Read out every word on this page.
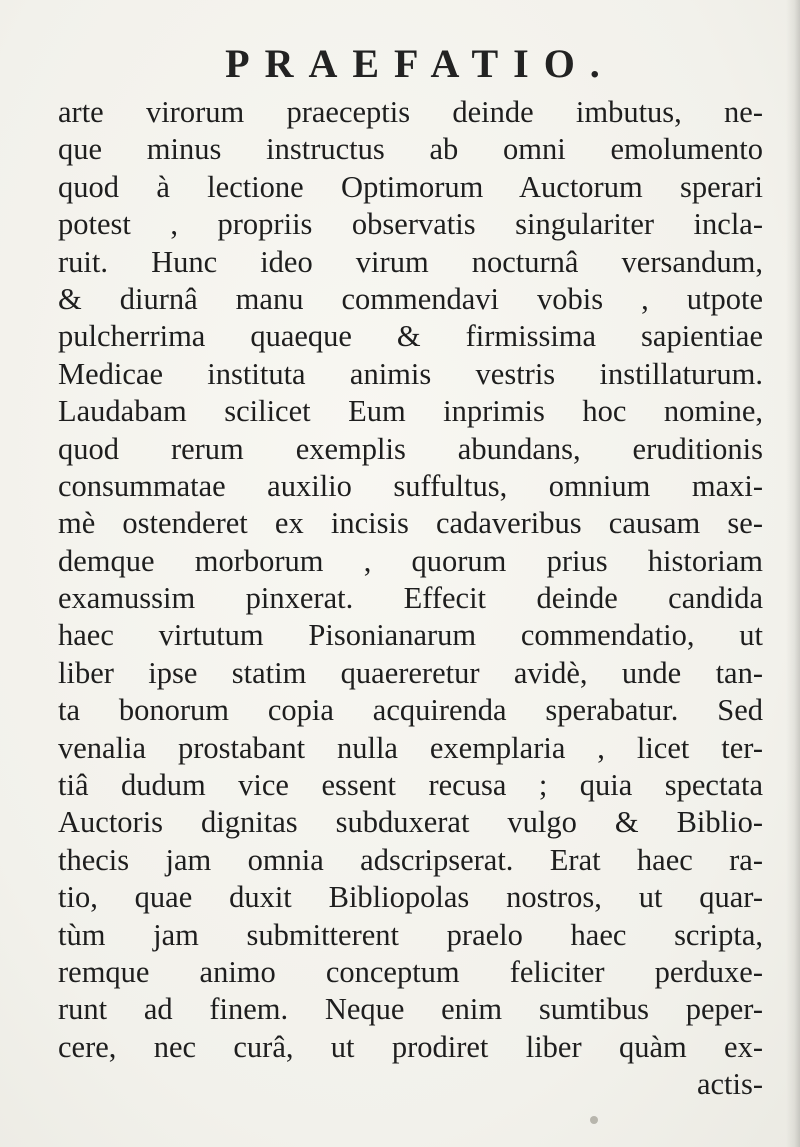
PRAEFATIO.
arte virorum praeceptis deinde imbutus, ne-
que minus instructus ab omni emolumento
quod à lectione Optimorum Auctorum sperari
potest , propriis observatis singulariter incla-
ruit. Hunc ideo virum nocturnâ versandum,
& diurnâ manu commendavi vobis , utpote
pulcherrima quaeque & firmissima sapientiae
Medicae instituta animis vestris instillaturum.
Laudabam scilicet Eum inprimis hoc nomine,
quod rerum exemplis abundans, eruditionis
consummatae auxilio suffultus, omnium maxi-
mè ostenderet ex incisis cadaveribus causam se-
demque morborum , quorum prius historiam
examussim pinxerat. Effecit deinde candida
haec virtutum Pisonianarum commendatio, ut
liber ipse statim quaereretur avidè, unde tan-
ta bonorum copia acquirenda sperabatur. Sed
venalia prostabant nulla exemplaria , licet ter-
tiâ dudum vice essent recusa ; quia spectata
Auctoris dignitas subduxerat vulgo & Biblio-
thecis jam omnia adscripserat. Erat haec ra-
tio, quae duxit Bibliopolas nostros, ut quar-
tùm jam submitterent praelo haec scripta,
remque animo conceptum feliciter perduxe-
runt ad finem. Neque enim sumtibus peper-
cere, nec curâ, ut prodiret liber quàm ex-
actis-
